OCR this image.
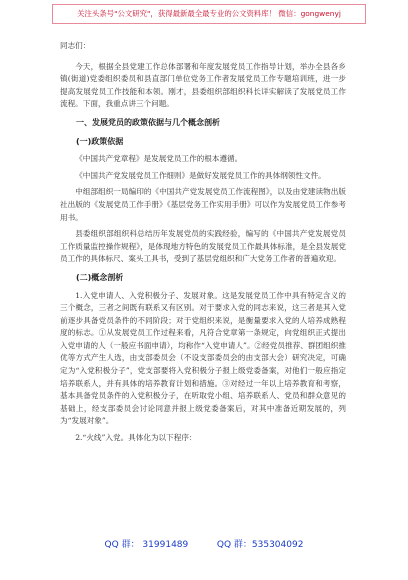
关注头条号"公文研究"，获得最新最全最专业的公文资料库！ 微信：gongwenyj

同志们：

今天，根据全县党建工作总体部署和年度发展党员工作指导计划，举办全县各乡镇(街道)党委组织委员和县直部门单位党务工作者发展党员工作专题培训班，进一步提高发展党员工作技能和本领。刚才，县委组织部组织科长详实解读了发展党员工作流程。下面，我重点讲三个问题。

一、发展党员的政策依据与几个概念剖析
(一)政策依据

《中国共产党章程》是发展党员工作的根本遵循。

《中国共产党发展党员工作细则》是做好发展党员工作的具体纲领性文件。

中组部组织一局编印的《中国共产党发展党员工作流程图》，以及由党建读物出版社出版的《发展党员工作手册》《基层党务工作实用手册》可以作为发展党员工作参考用书。

县委组织部组织科总结历年发展党员的实践经验，编写的《中国共产党发展党员工作质量监控操作规程》，是体现地方特色的发展党员工作最具体标准，是全县发展党员工作的具体标尺、案头工具书，受到了基层党组织和广大党务工作者的普遍欢迎。

(二)概念剖析

1.入党申请人、入党积极分子、发展对象。这是发展党员工作中具有特定含义的三个概念，三者之间既有联系又有区别。对于要求入党的同志来说，这三者是其入党前逐步具备党员条件的不同阶段；对于党组织来说，是衡量要求入党的人培养成熟程度的标志。①从发展党员工作过程来看，凡符合党章第一条规定，向党组织正式提出入党申请的人（一般应书面申请），均称作“入党申请人”。②经党员推荐、群团组织推优等方式产生人选，由支部委员会（不设支部委员会的由支部大会）研究决定，可确定为“入党积极分子”，党支部要将入党积极分子报上级党委备案，对他们一般应指定培养联系人，并有具体的培养教育计划和措施。③对经过一年以上培养教育和考察，基本具备党员条件的入党积极分子，在听取党小组、培养联系人、党员和群众意见的基础上，经支部委员会讨论同意并报上级党委备案后，对其中准备近期发展的，列为“发展对象”。

2.“火线”入党。具体化为以下程序：

QQ 群： 31991489	QQ 群：535304092
